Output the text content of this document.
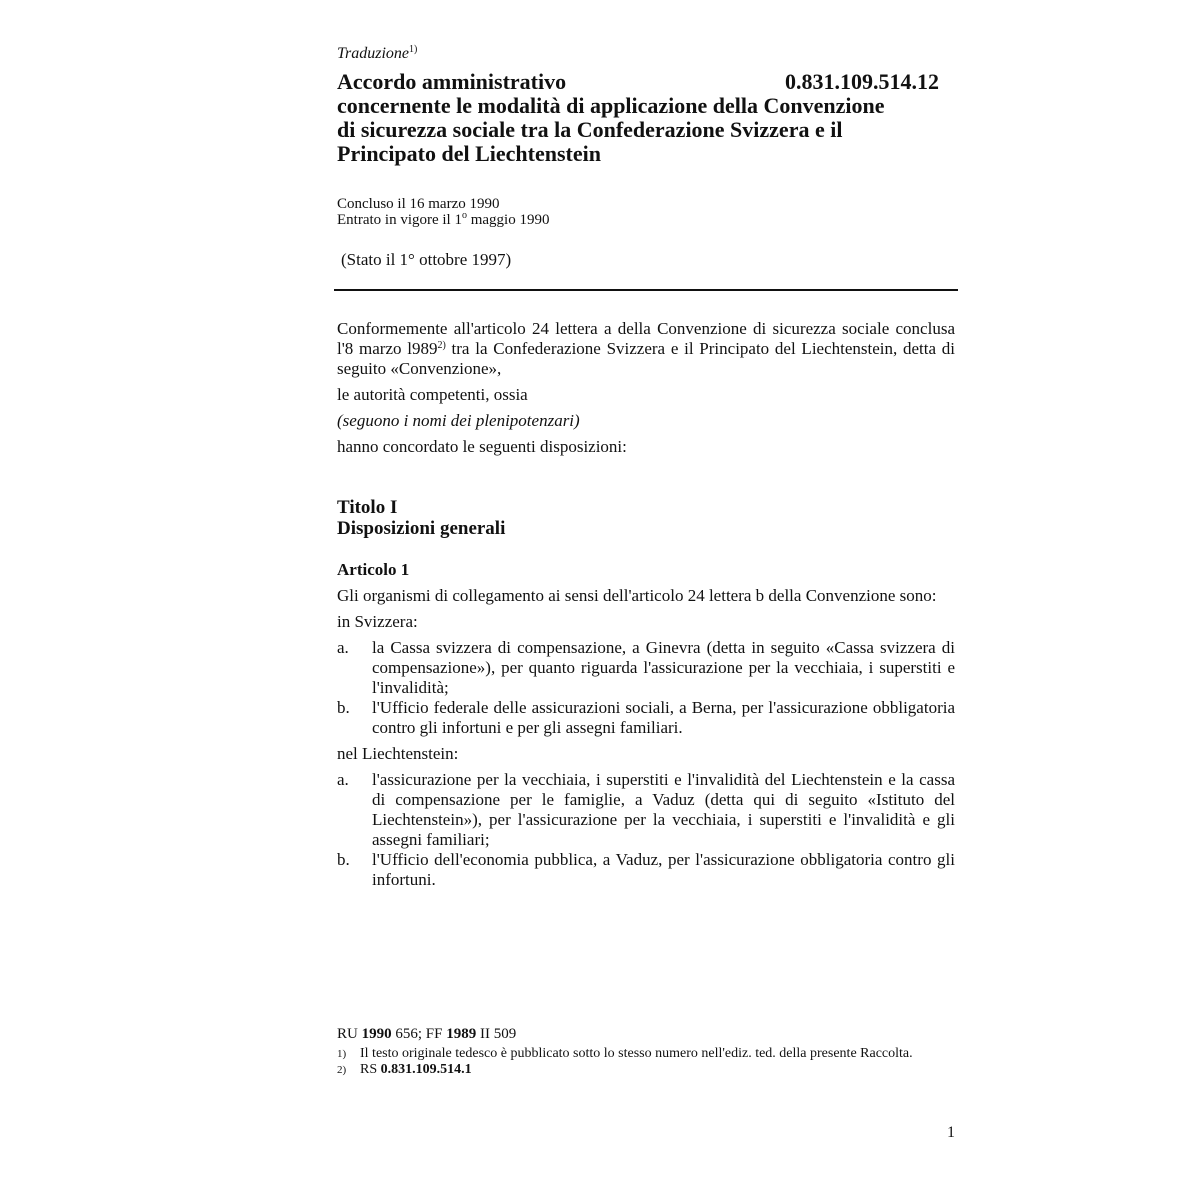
Traduzione$^{1)}$
Accordo amministrativo
concernente le modalità di applicazione della Convenzione
di sicurezza sociale tra la Confederazione Svizzera e il
Principato del Liechtenstein
0.831.109.514.12
Concluso il 16 marzo 1990
Entrato in vigore il 1$^o$ maggio 1990
(Stato il 1° ottobre 1997)

Conformemente all'articolo 24 lettera a della Convenzione di sicurezza sociale conclusa l'8 marzo l989$^{2)}$ tra la Confederazione Svizzera e il Principato del Liechtenstein, detta di seguito «Convenzione»,

le autorità competenti, ossia

(seguono i nomi dei plenipotenzari)

hanno concordato le seguenti disposizioni:

Titolo I
Disposizioni generali
Articolo 1

Gli organismi di collegamento ai sensi dell'articolo 24 lettera b della Convenzione sono:

in Svizzera:

a.	la Cassa svizzera di compensazione, a Ginevra (detta in seguito «Cassa svizzera di compensazione»), per quanto riguarda l'assicurazione per la vecchiaia, i superstiti e l'invalidità;
b.	l'Ufficio federale delle assicurazioni sociali, a Berna, per l'assicurazione obbligatoria contro gli infortuni e per gli assegni familiari.

nel Liechtenstein:

a.	l'assicurazione per la vecchiaia, i superstiti e l'invalidità del Liechtenstein e la cassa di compensazione per le famiglie, a Vaduz (detta qui di seguito «Istituto del Liechtenstein»), per l'assicurazione per la vecchiaia, i superstiti e l'invalidità e gli assegni familiari;
b.	l'Ufficio dell'economia pubblica, a Vaduz, per l'assicurazione obbligatoria contro gli infortuni.
RU 1990 656; FF 1989 II 509
1) Il testo originale tedesco è pubblicato sotto lo stesso numero nell'ediz. ted. della presente Raccolta.
2) RS 0.831.109.514.1
1
